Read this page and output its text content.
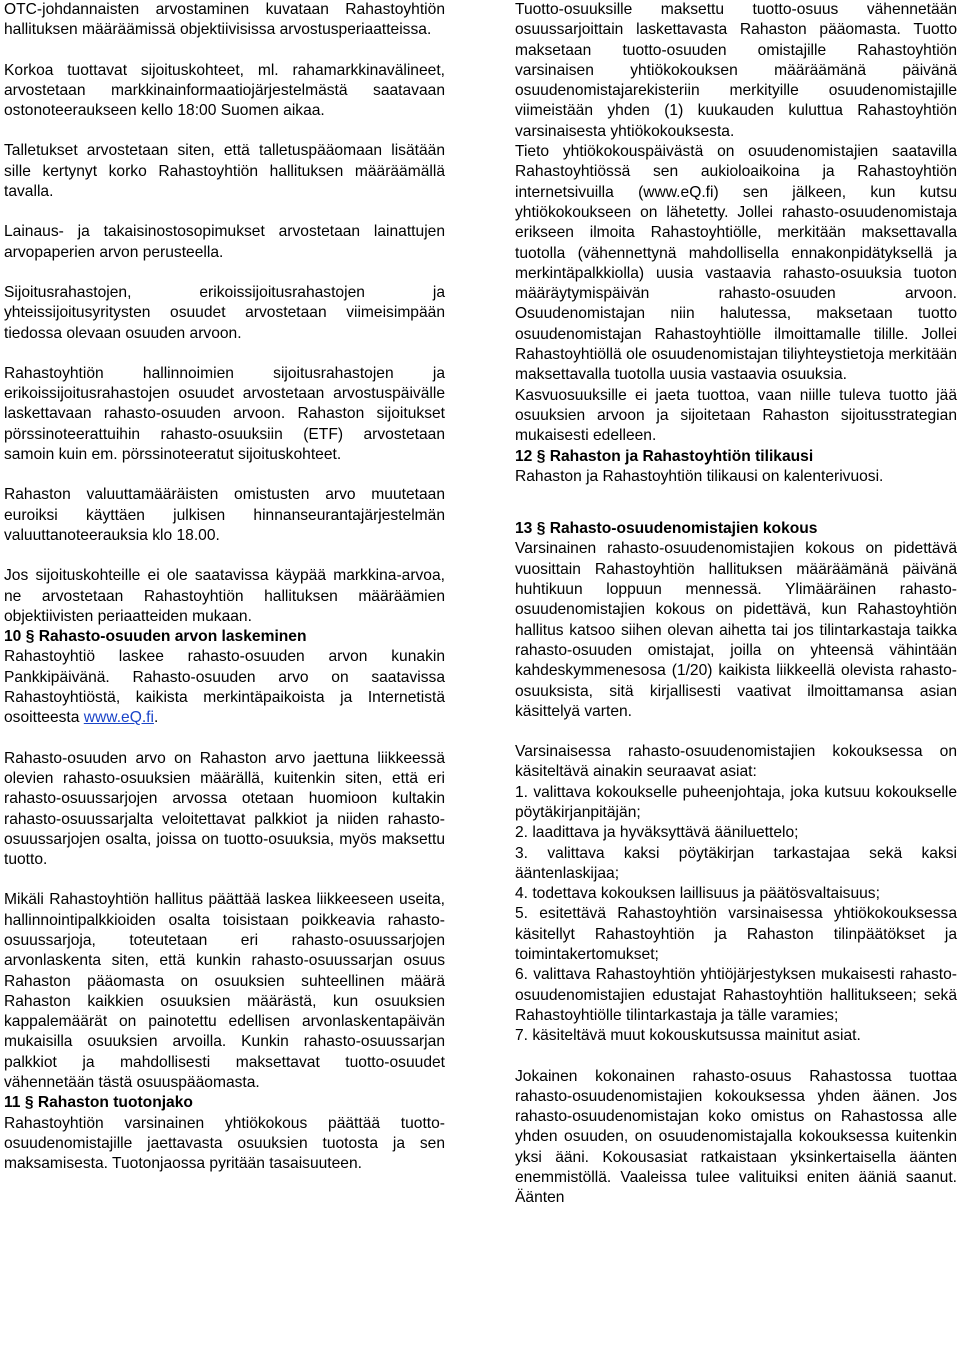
OTC-johdannaisten arvostaminen kuvataan Rahastoyhtiön hallituksen määräämissä objektiivisissa arvostusperiaatteissa.

Korkoa tuottavat sijoituskohteet, ml. rahamarkkinavälineet, arvostetaan markkinainformaatiojärjestelmästä saatavaan ostonoteeraukseen kello 18:00 Suomen aikaa.

Talletukset arvostetaan siten, että talletuspääomaan lisätään sille kertynyt korko Rahastoyhtiön hallituksen määräämällä tavalla.

Lainaus- ja takaisinostosopimukset arvostetaan lainattujen arvopaperien arvon perusteella.

Sijoitusrahastojen, erikoissijoitusrahastojen ja yhteissijoitusyritysten osuudet arvostetaan viimeisimpään tiedossa olevaan osuuden arvoon.

Rahastoyhtiön hallinnoimien sijoitusrahastojen ja erikoissijoitusrahastojen osuudet arvostetaan arvostuspäivälle laskettavaan rahasto-osuuden arvoon. Rahaston sijoitukset pörssinoteerattuihin rahasto-osuuksiin (ETF) arvostetaan samoin kuin em. pörssinoteeratut sijoituskohteet.

Rahaston valuuttamääräisten omistusten arvo muutetaan euroiksi käyttäen julkisen hinnanseurantajärjestelmän valuuttanoteerauksia klo 18.00.

Jos sijoituskohteille ei ole saatavissa käypää markkina-arvoa, ne arvostetaan Rahastoyhtiön hallituksen määräämien objektiivisten periaatteiden mukaan.

10 § Rahasto-osuuden arvon laskeminen

Rahastoyhtiö laskee rahasto-osuuden arvon kunakin Pankkipäivänä. Rahasto-osuuden arvo on saatavissa Rahastoyhtiöstä, kaikista merkintäpaikoista ja Internetistä osoitteesta www.eQ.fi.

Rahasto-osuuden arvo on Rahaston arvo jaettuna liikkeessä olevien rahasto-osuuksien määrällä, kuitenkin siten, että eri rahasto-osuussarjojen arvossa otetaan huomioon kultakin rahasto-osuussarjalta veloitettavat palkkiot ja niiden rahasto-osuussarjojen osalta, joissa on tuotto-osuuksia, myös maksettu tuotto.

Mikäli Rahastoyhtiön hallitus päättää laskea liikkeeseen useita, hallinnointipalkkioiden osalta toisistaan poikkeavia rahasto-osuussarjoja, toteutetaan eri rahasto-osuussarjojen arvonlaskenta siten, että kunkin rahasto-osuussarjan osuus Rahaston pääomasta on osuuksien suhteellinen määrä Rahaston kaikkien osuuksien määrästä, kun osuuksien kappalemäärät on painotettu edellisen arvonlaskentapäivän mukaisilla osuuksien arvoilla. Kunkin rahasto-osuussarjan palkkiot ja mahdollisesti maksettavat tuotto-osuudet vähennetään tästä osuuspääomasta.

11 § Rahaston tuotonjako

Rahastoyhtiön varsinainen yhtiökokous päättää tuotto-osuudenomistajille jaettavasta osuuksien tuotosta ja sen maksamisesta. Tuotonjaossa pyritään tasaisuuteen.

Tuotto-osuuksille maksettu tuotto-osuus vähennetään osuussarjoittain laskettavasta Rahaston pääomasta. Tuotto maksetaan tuotto-osuuden omistajille Rahastoyhtiön varsinaisen yhtiökokouksen määräämänä päivänä osuudenomistajarekisteriin merkityille osuudenomistajille viimeistään yhden (1) kuukauden kuluttua Rahastoyhtiön varsinaisesta yhtiökokouksesta.

Tieto yhtiökokouspäivästä on osuudenomistajien saatavilla Rahastoyhtiössä sen aukioloaikoina ja Rahastoyhtiön internetsivuilla (www.eQ.fi) sen jälkeen, kun kutsu yhtiökokoukseen on lähetetty. Jollei rahasto-osuudenomistaja erikseen ilmoita Rahastoyhtiölle, merkitään maksettavalla tuotolla (vähennettynä mahdollisella ennakonpidätyksellä ja merkintäpalkkiolla) uusia vastaavia rahasto-osuuksia tuoton määräytymispäivän rahasto-osuuden arvoon. Osuudenomistajan niin halutessa, maksetaan tuotto osuudenomistajan Rahastoyhtiölle ilmoittamalle tilille. Jollei Rahastoyhtiöllä ole osuudenomistajan tiliyhteystietoja merkitään maksettavalla tuotolla uusia vastaavia osuuksia.

Kasvuosuuksille ei jaeta tuottoa, vaan niille tuleva tuotto jää osuuksien arvoon ja sijoitetaan Rahaston sijoitusstrategian mukaisesti edelleen.

12 § Rahaston ja Rahastoyhtiön tilikausi

Rahaston ja Rahastoyhtiön tilikausi on kalenterivuosi.

13 § Rahasto-osuudenomistajien kokous

Varsinainen rahasto-osuudenomistajien kokous on pidettävä vuosittain Rahastoyhtiön hallituksen määräämänä päivänä huhtikuun loppuun mennessä. Ylimääräinen rahasto-osuudenomistajien kokous on pidettävä, kun Rahastoyhtiön hallitus katsoo siihen olevan aihetta tai jos tilintarkastaja taikka rahasto-osuuden omistajat, joilla on yhteensä vähintään kahdeskymmenesosa (1/20) kaikista liikkeellä olevista rahasto-osuuksista, sitä kirjallisesti vaativat ilmoittamansa asian käsittelyä varten.

Varsinaisessa rahasto-osuudenomistajien kokouksessa on käsiteltävä ainakin seuraavat asiat:

1. valittava kokoukselle puheenjohtaja, joka kutsuu kokoukselle pöytäkirjanpitäjän;

2. laadittava ja hyväksyttävä ääniluettelo;

3. valittava kaksi pöytäkirjan tarkastajaa sekä kaksi ääntenlaskijaa;

4. todettava kokouksen laillisuus ja päätösvaltaisuus;

5. esitettävä Rahastoyhtiön varsinaisessa yhtiökokouksessa käsitellyt Rahastoyhtiön ja Rahaston tilinpäätökset ja toimintakertomukset;

6. valittava Rahastoyhtiön yhtiöjärjestyksen mukaisesti rahasto-osuudenomistajien edustajat Rahastoyhtiön hallitukseen; sekä Rahastoyhtiölle tilintarkastaja ja tälle varamies;

7. käsiteltävä muut kokouskutsussa mainitut asiat.

Jokainen kokonainen rahasto-osuus Rahastossa tuottaa rahasto-osuudenomistajien kokouksessa yhden äänen. Jos rahasto-osuudenomistajan koko omistus on Rahastossa alle yhden osuuden, on osuudenomistajalla kokouksessa kuitenkin yksi ääni. Kokousasiat ratkaistaan yksinkertaisella äänten enemmistöllä. Vaaleissa tulee valituiksi eniten ääniä saanut. Äänten
